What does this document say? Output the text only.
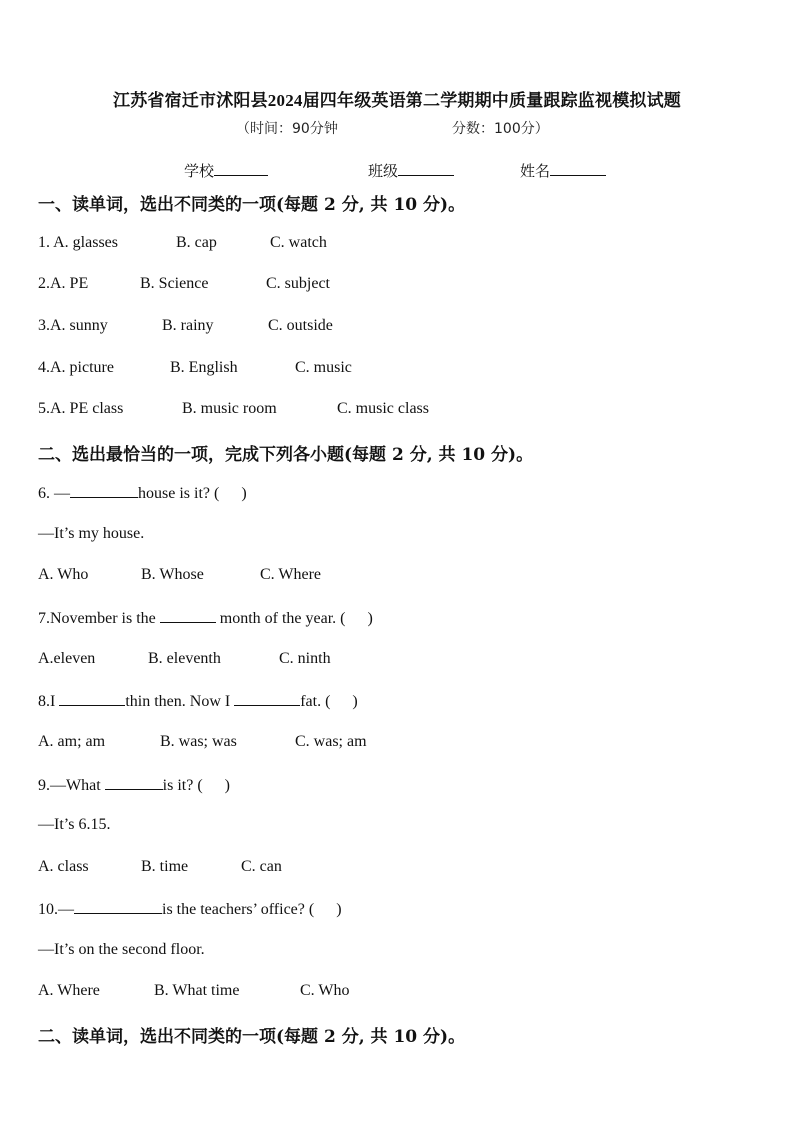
江苏省宿迁市沭阳县2024届四年级英语第二学期期中质量跟踪监视模拟试题
（时间：90分钟	分数：100分）
学校	班级	姓名
一、读单词，选出不同类的一项(每题 2 分, 共 10 分)。
1. A. glasses	B. cap	C. watch
2.A. PE	B. Science	C. subject
3.A. sunny	B. rainy	C. outside
4.A. picture	B. English	C. music
5.A. PE class	B. music room	C. music class
二、选出最恰当的一项，完成下列各小题(每题 2 分, 共 10 分)。
6. —	house is it? ( )
—It’s my house.
A. Who	B. Whose	C. Where
7.November is the	month of the year. ( )
A.eleven	B. eleventh	C. ninth
8.I	thin then. Now I	fat. ( )
A. am; am	B. was; was	C. was; am
9.—What	is it? ( )
—It’s 6.15.
A. class	B. time	C. can
10.—	is the teachers’ office? ( )
—It’s on the second floor.
A. Where	B. What time	C. Who
二、读单词，选出不同类的一项(每题 2 分, 共 10 分)。
